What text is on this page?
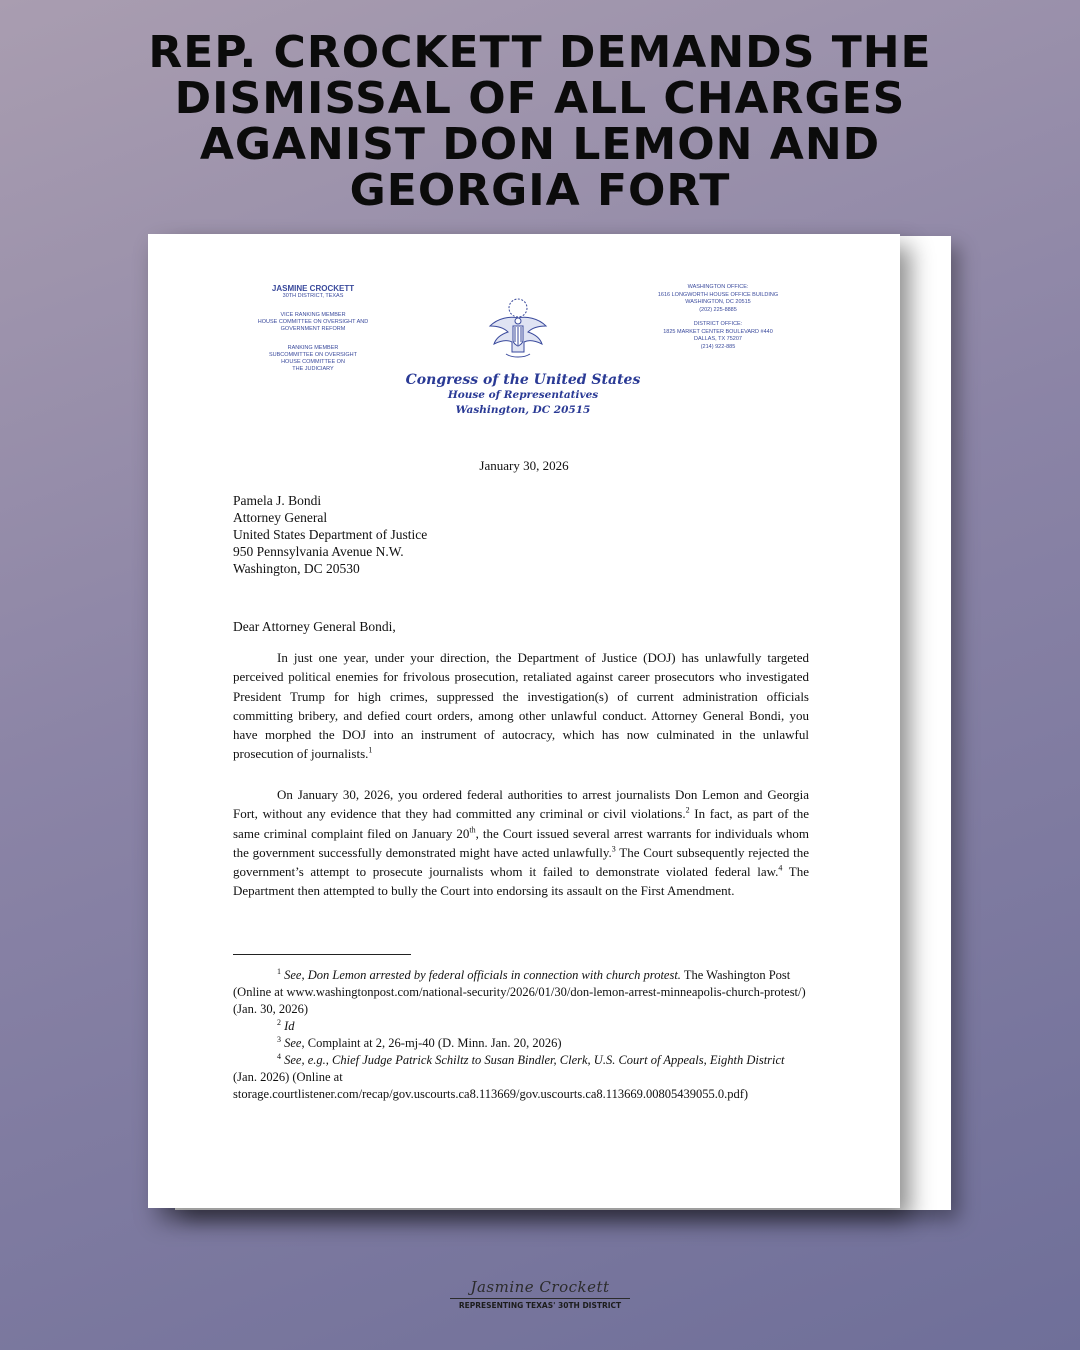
REP. CROCKETT DEMANDS THE
DISMISSAL OF ALL CHARGES
AGANIST DON LEMON AND
GEORGIA FORT
JASMINE CROCKETT
30TH DISTRICT, TEXAS
VICE RANKING MEMBER
HOUSE COMMITTEE ON OVERSIGHT AND
GOVERNMENT REFORM
RANKING MEMBER
SUBCOMMITTEE ON OVERSIGHT
HOUSE COMMITTEE ON
THE JUDICIARY
Congress of the United States
House of Representatives
Washington, DC 20515
WASHINGTON OFFICE:
1616 LONGWORTH HOUSE OFFICE BUILDING
WASHINGTON, DC 20515
(202) 225-8885
DISTRICT OFFICE:
1825 MARKET CENTER BOULEVARD #440
DALLAS, TX 75207
(214) 922-885
January 30, 2026
Pamela J. Bondi
Attorney General
United States Department of Justice
950 Pennsylvania Avenue N.W.
Washington, DC 20530
Dear Attorney General Bondi,
In just one year, under your direction, the Department of Justice (DOJ) has unlawfully targeted perceived political enemies for frivolous prosecution, retaliated against career prosecutors who investigated President Trump for high crimes, suppressed the investigation(s) of current administration officials committing bribery, and defied court orders, among other unlawful conduct. Attorney General Bondi, you have morphed the DOJ into an instrument of autocracy, which has now culminated in the unlawful prosecution of journalists.$^1$
On January 30, 2026, you ordered federal authorities to arrest journalists Don Lemon and Georgia Fort, without any evidence that they had committed any criminal or civil violations.$^2$ In fact, as part of the same criminal complaint filed on January 20th, the Court issued several arrest warrants for individuals whom the government successfully demonstrated might have acted unlawfully.$^3$ The Court subsequently rejected the government’s attempt to prosecute journalists whom it failed to demonstrate violated federal law.$^4$ The Department then attempted to bully the Court into endorsing its assault on the First Amendment.
$^1$ See, Don Lemon arrested by federal officials in connection with church protest. The Washington Post (Online at www.washingtonpost.com/national-security/2026/01/30/don-lemon-arrest-minneapolis-church-protest/) (Jan. 30, 2026)
$^2$ Id
$^3$ See, Complaint at 2, 26-mj-40 (D. Minn. Jan. 20, 2026)
$^4$ See, e.g., Chief Judge Patrick Schiltz to Susan Bindler, Clerk, U.S. Court of Appeals, Eighth District (Jan. 2026) (Online at storage.courtlistener.com/recap/gov.uscourts.ca8.113669/gov.uscourts.ca8.113669.00805439055.0.pdf)
Jasmine Crockett
REPRESENTING TEXAS' 30TH DISTRICT
